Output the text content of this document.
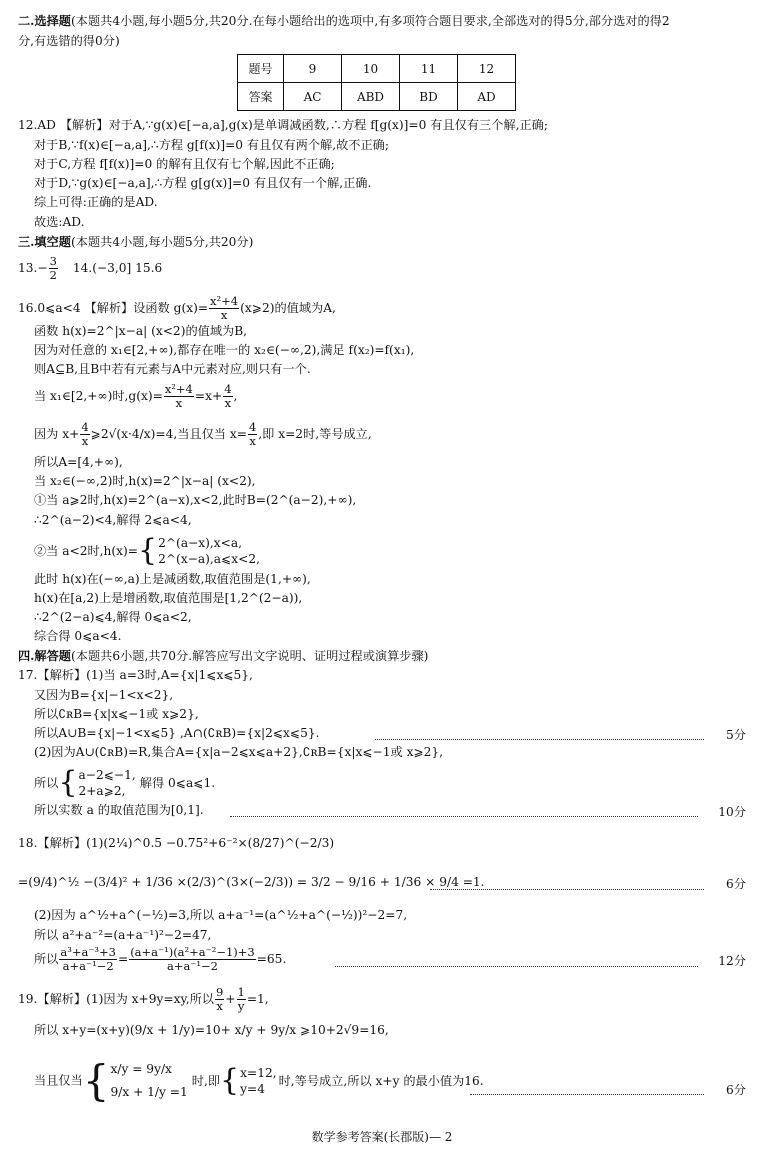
二.选择题(本题共4小题,每小题5分,共20分.在每小题给出的选项中,有多项符合题目要求,全部选对的得5分,部分选对的得2
分,有选错的得0分)
题号	9	10	11	12
答案	AC	ABD	BD	AD
12.AD 【解析】对于A,∵g(x)∈[−a,a],g(x)是单调减函数,∴方程 f[g(x)]=0 有且仅有三个解,正确;
对于B,∵f(x)∈[−a,a],∴方程 g[f(x)]=0 有且仅有两个解,故不正确;
对于C,方程 f[f(x)]=0 的解有且仅有七个解,因此不正确;
对于D,∵g(x)∈[−a,a],∴方程 g[g(x)]=0 有且仅有一个解,正确.
综上可得:正确的是AD.
故选:AD.
三.填空题(本题共4小题,每小题5分,共20分)
$13.- \frac{3}{2} 14.(-3,0]$ 15.6
16.0⩽a<4 【解析】设函数 $g(x)= \frac{\text{x²+4}}{x}$ (x⩾2)的值域为A,
函数 h(x)=2^|x−a| (x<2)的值域为B,
因为对任意的 x₁∈[2,+∞),都存在唯一的 x₂∈(−∞,2),满足 f(x₂)=f(x₁),
则A⊆B,且B中若有元素与A中元素对应,则只有一个.
当 x₁∈[2,+∞)时$,g(x)= \frac{\text{x²+4}}{x} =x+ \frac{4}{x}$ ,
因为 $x+ \frac{4}{x}$ ⩾2√(x·4/x)=4,当且仅当 $x= \frac{4}{x}$ ,即 x=2时,等号成立,
所以A=[4,+∞),
当 x₂∈(−∞,2)时,h(x)=2^|x−a| (x<2),
①当 a⩾2时,h(x)=2^(a−x),x<2,此时B=(2^(a−2),+∞),
∴2^(a−2)<4,解得 2⩽a<4,
②当 a<2时,h(x)={ 2^(a−x),x<a,
2^(x−a),a⩽x<2,
此时 h(x)在(−∞,a)上是减函数,取值范围是(1,+∞),
h(x)在[a,2)上是增函数,取值范围是[1,2^(2−a)),
∴2^(2−a)⩽4,解得 0⩽a<2,
综合得 0⩽a<4.
四.解答题(本题共6小题,共70分.解答应写出文字说明、证明过程或演算步骤)
17.【解析】(1)当 a=3时,A={x|1⩽x⩽5},
又因为B={x|−1<x<2},
所以∁ʀB={x|x⩽−1或 x⩾2},
所以A∪B={x|−1<x⩽5} ,A∩(∁ʀB)={x|2⩽x⩽5}.	5分
(2)因为A∪(∁ʀB)=R,集合A={x|a−2⩽x⩽a+2},∁ʀB={x|x⩽−1或 x⩾2},
所以{ a−2⩽−1,
2+a⩾2,
解得 0⩽a⩽1.
所以实数 a 的取值范围为[0,1].	10分
18.【解析】(1)(2¼)^0.5 −0.75²+6⁻²×(8/27)^(−2/3)
=(9/4)^½ −(3/4)² + 1/36 ×(2/3)^(3×(−2/3)) = 3/2 − 9/16 + 1/36 × 9/4 =1.	6分
(2)因为 a^½+a^(−½)=3,所以 a+a⁻¹=(a^½+a^(−½))²−2=7,
所以 a²+a⁻²=(a+a⁻¹)²−2=47,
所以 $\frac{\text{a³+a⁻³+3}}{\text{a+a⁻¹−2}} = \frac{\text{(a+a⁻¹)(a²+a⁻²−1)+3}}{\text{a+a⁻¹−2}} =65$.	12分
19.【解析】(1)因为 x+9y=xy,所以 $\frac{9}{x} + \frac{1}{y} =1$,
所以 x+y=(x+y)(9/x + 1/y)=10+ x/y + 9y/x ⩾10+2√9=16,
当且仅当{ x/y = 9y/x
9/x + 1/y =1
时,即{ x=12,
y=4
时,等号成立,所以 x+y 的最小值为16.
6分
数学参考答案(长郡版)— 2
